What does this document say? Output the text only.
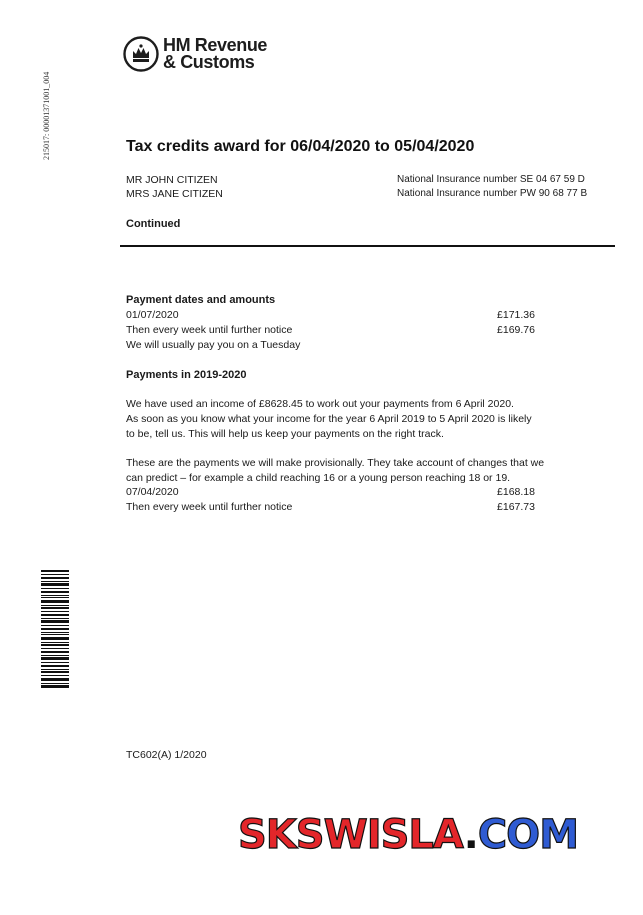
HM Revenue
& Customs
215017: 00001371001_004	Tax credits award for 06/04/2020 to 05/04/2020
MR JOHN CITIZEN
MRS JANE CITIZEN
National Insurance number SE 04 67 59 D
National Insurance number PW 90 68 77 B
Continued
Payment dates and amounts
01/07/2020	£171.36
Then every week until further notice	£169.76
We will usually pay you on a Tuesday
Payments in 2019-2020
We have used an income of £8628.45 to work out your payments from 6 April 2020.
As soon as you know what your income for the year 6 April 2019 to 5 April 2020 is likely
to be, tell us. This will help us keep your payments on the right track.
These are the payments we will make provisionally. They take account of changes that we
can predict – for example a child reaching 16 or a young person reaching 18 or 19.
07/04/2020	£168.18
Then every week until further notice	£167.73
TC602(A) 1/2020
SKSWISLA.COM
